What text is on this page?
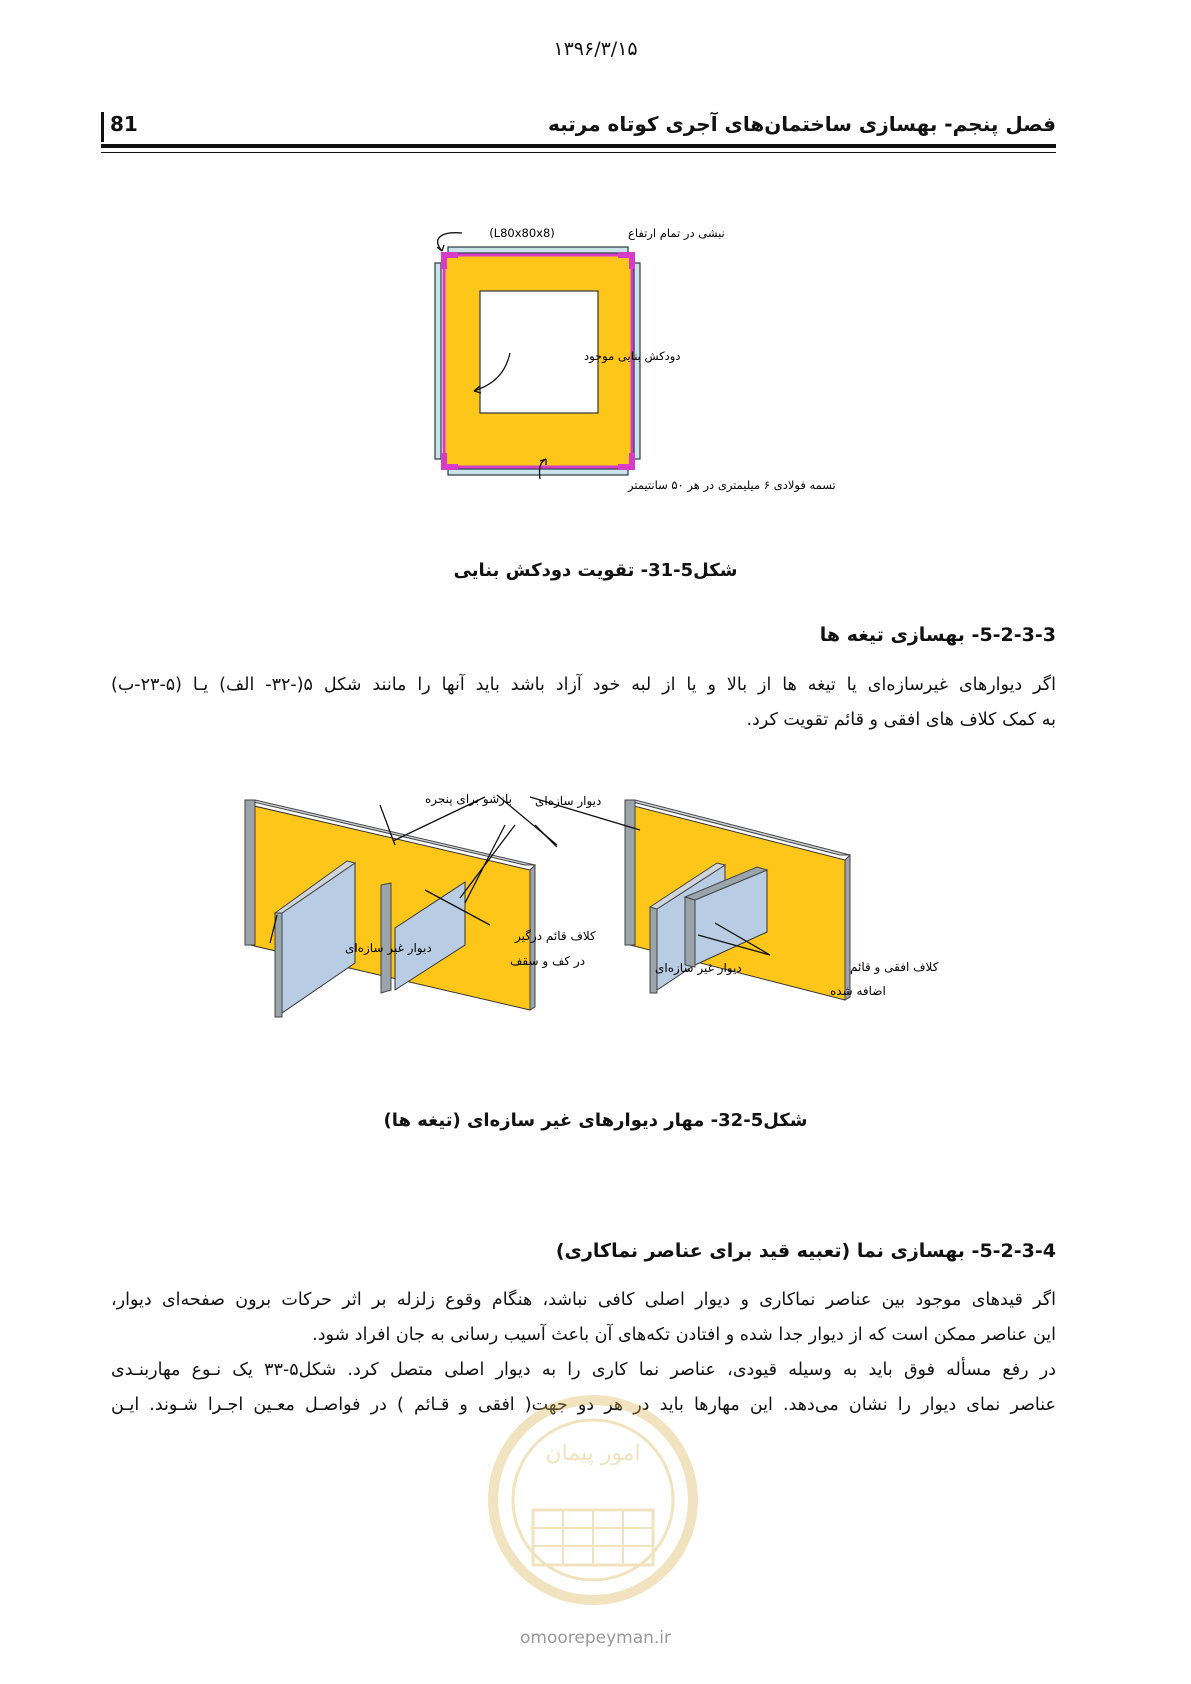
۱۳۹۶/۳/۱۵
81	فصل پنجم- بهسازی ساختمان‌های آجری کوتاه مرتبه
(L80x80x8)	نبشی در تمام ارتفاع
دودکش بنایی موجود
تسمه فولادی ۶ میلیمتری در هر ۵۰ سانتیمتر
شکل5-31- تقویت دودکش بنایی
5-2-3-3- بهسازی تیغه ها
اگر دیوارهای غیرسازه‌ای یا تیغه ها از بالا و یا از لبه خود آزاد باشد باید آنها را مانند شکل ۵(-۳۲- الف) یـا (۵-۲۳-ب)
به کمک کلاف های افقی و قائم تقویت کرد.
بازشو برای پنجره دیوار سازه‌ای
دیوار غیر سازه‌ای
کلاف قائم درگیر
در کف و سقف	دیوار غیر سازه‌ای	کلاف افقی و قائم
اضافه شده
شکل5-32- مهار دیوارهای غیر سازه‌ای (تیغه ها)
5-2-3-4- بهسازی نما (تعبیه قید برای عناصر نماکاری)
اگر قیدهای موجود بین عناصر نماکاری و دیوار اصلی کافی نباشد، هنگام وقوع زلزله بر اثر حرکات برون صفحه‌ای دیوار،
این عناصر ممکن است که از دیوار جدا شده و افتادن تکه‌های آن باعث آسیب رسانی به جان افراد شود.
در رفع مسأله فوق باید به وسیله قیودی، عناصر نما کاری را به دیوار اصلی متصل کرد. شکل۵-۳۳ یک نـوع مهاربنـدی
عناصر نمای دیوار را نشان می‌دهد. این مهارها باید در هر دو جهت( افقی و قـائم ) در فواصـل معـین اجـرا شـوند. ایـن
امور پیمان
omoorepeyman.ir
